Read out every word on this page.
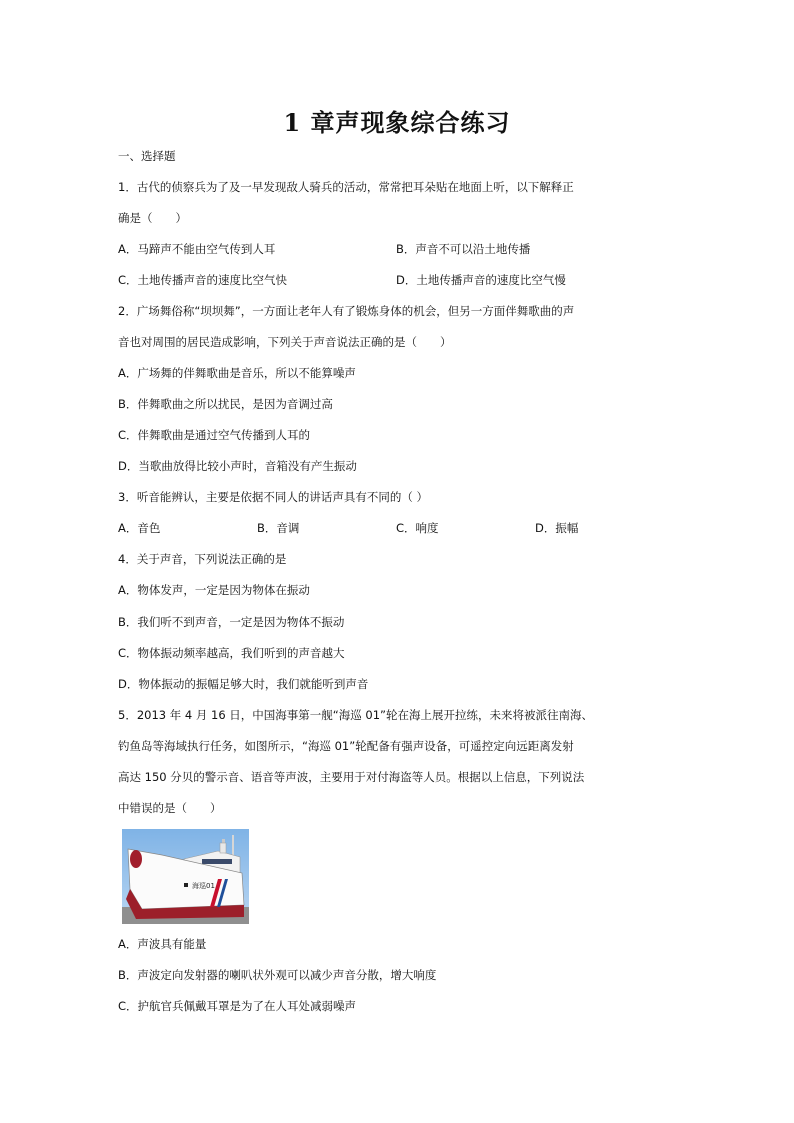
1 章声现象综合练习
一、选择题
1．古代的侦察兵为了及一早发现敌人骑兵的活动，常常把耳朵贴在地面上听，以下解释正
确是（　　）
A．马蹄声不能由空气传到人耳	B．声音不可以沿土地传播
C．土地传播声音的速度比空气快	D．土地传播声音的速度比空气慢
2．广场舞俗称“坝坝舞”，一方面让老年人有了锻炼身体的机会，但另一方面伴舞歌曲的声
音也对周围的居民造成影响，下列关于声音说法正确的是（　　）
A．广场舞的伴舞歌曲是音乐，所以不能算噪声
B．伴舞歌曲之所以扰民，是因为音调过高
C．伴舞歌曲是通过空气传播到人耳的
D．当歌曲放得比较小声时，音箱没有产生振动
3．听音能辨认，主要是依据不同人的讲话声具有不同的（ ）
A．音色	B．音调	C．响度	D．振幅
4．关于声音，下列说法正确的是
A．物体发声，一定是因为物体在振动
B．我们听不到声音，一定是因为物体不振动
C．物体振动频率越高，我们听到的声音越大
D．物体振动的振幅足够大时，我们就能听到声音
5．2013 年 4 月 16 日，中国海事第一舰“海巡 01”轮在海上展开拉练，未来将被派往南海、
钓鱼岛等海域执行任务，如图所示，“海巡 01”轮配备有强声设备，可遥控定向远距离发射
高达 150 分贝的警示音、语音等声波，主要用于对付海盗等人员。根据以上信息，下列说法
中错误的是（　　）
海巡01
A．声波具有能量
B．声波定向发射器的喇叭状外观可以减少声音分散，增大响度
C．护航官兵佩戴耳罩是为了在人耳处减弱噪声
